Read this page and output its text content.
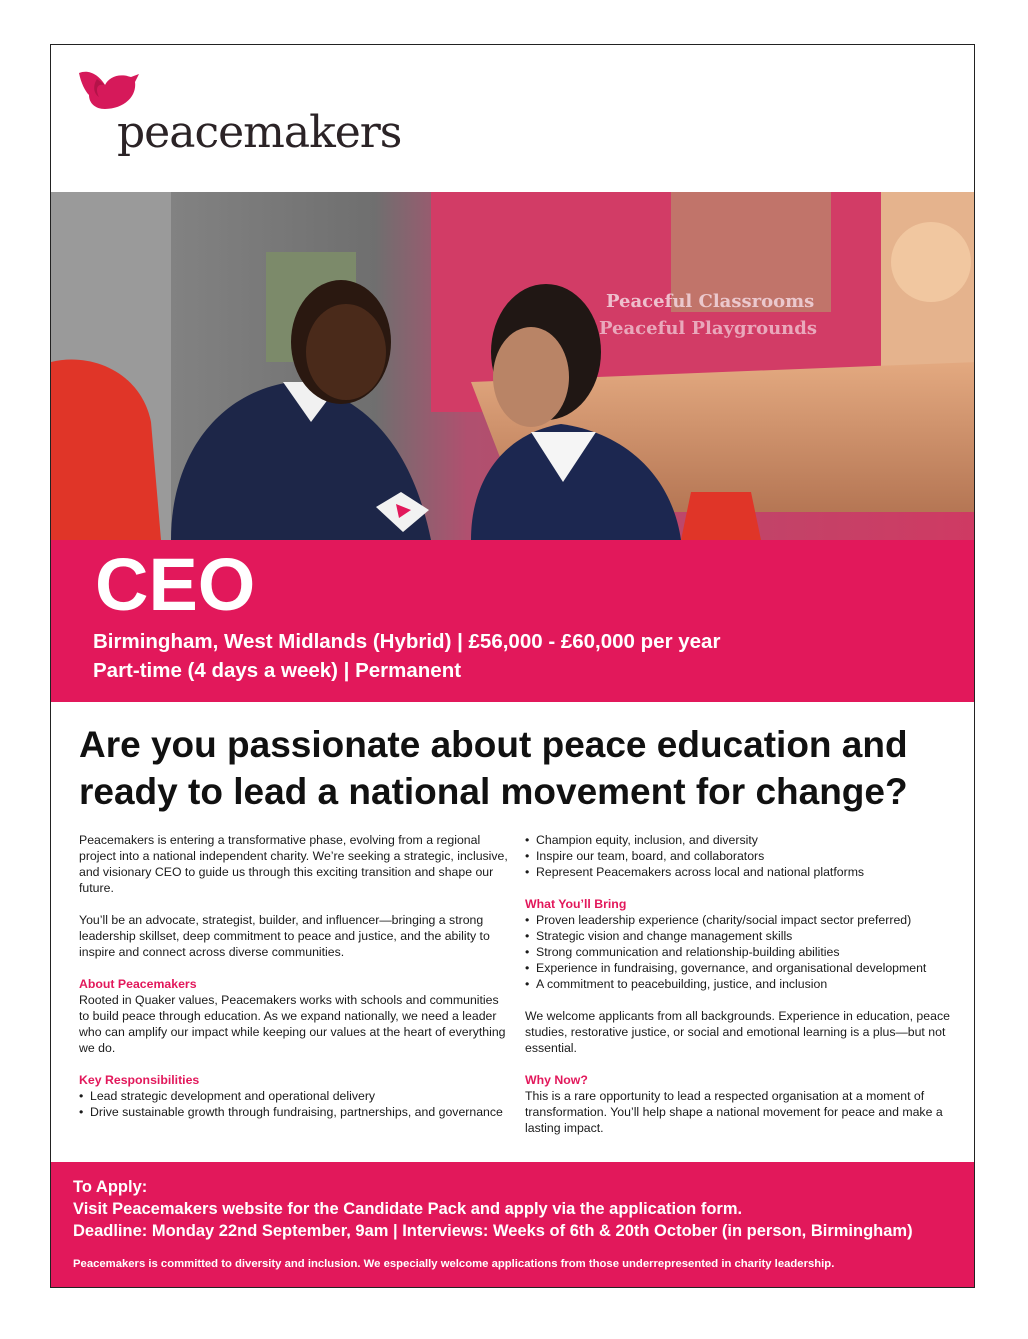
peacemakers
Peaceful Classrooms
Peaceful Playgrounds
CEO
Birmingham, West Midlands (Hybrid) | £56,000 - £60,000 per year
Part-time (4 days a week) | Permanent
Are you passionate about peace education and ready to lead a national movement for change?

Peacemakers is entering a transformative phase, evolving from a regional project into a national independent charity. We’re seeking a strategic, inclusive, and visionary CEO to guide us through this exciting transition and shape our future.

You’ll be an advocate, strategist, builder, and influencer—bringing a strong leadership skillset, deep commitment to peace and justice, and the ability to inspire and connect across diverse communities.

About Peacemakers

Rooted in Quaker values, Peacemakers works with schools and communities to build peace through education. As we expand nationally, we need a leader who can amplify our impact while keeping our values at the heart of everything we do.

Key Responsibilities

• Lead strategic development and operational delivery
• Drive sustainable growth through fundraising, partnerships, and governance
• Champion equity, inclusion, and diversity
• Inspire our team, board, and collaborators
• Represent Peacemakers across local and national platforms

What You’ll Bring

• Proven leadership experience (charity/social impact sector preferred)
• Strategic vision and change management skills
• Strong communication and relationship-building abilities
• Experience in fundraising, governance, and organisational development
• A commitment to peacebuilding, justice, and inclusion

We welcome applicants from all backgrounds. Experience in education, peace studies, restorative justice, or social and emotional learning is a plus—but not essential.

Why Now?

This is a rare opportunity to lead a respected organisation at a moment of transformation. You’ll help shape a national movement for peace and make a lasting impact.

To Apply:
Visit Peacemakers website for the Candidate Pack and apply via the application form.
Deadline: Monday 22nd September, 9am | Interviews: Weeks of 6th & 20th October (in person, Birmingham)
Peacemakers is committed to diversity and inclusion. We especially welcome applications from those underrepresented in charity leadership.
